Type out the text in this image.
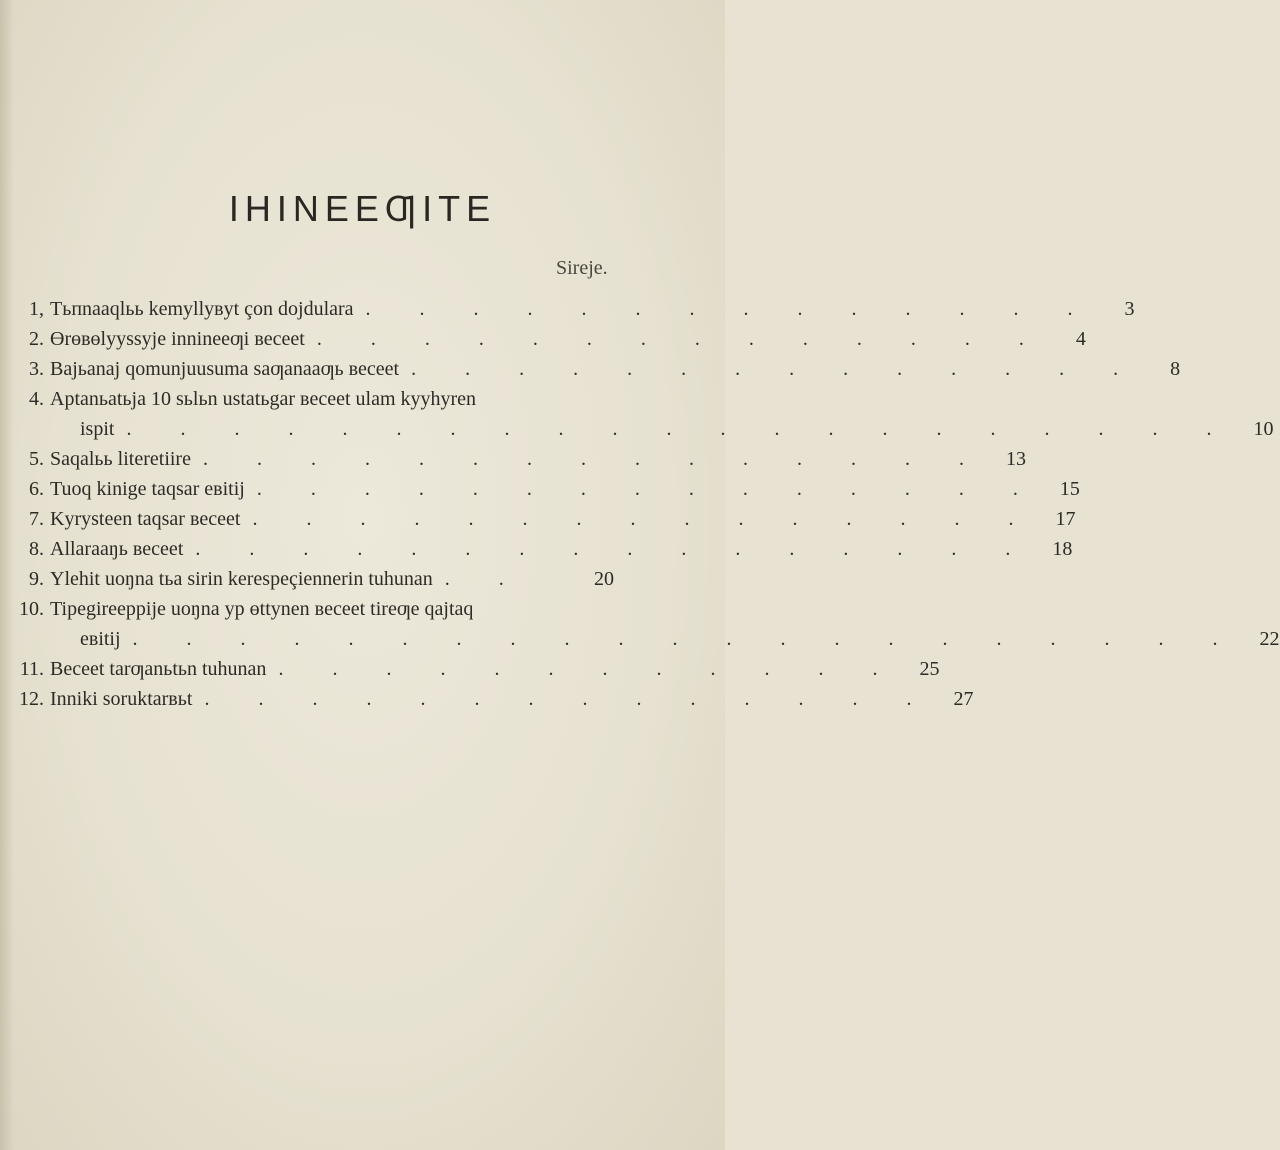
IHINEEƢITE
Sireje.
1, Tьпnaaqlьь kemyllyвyt çon dojdulara . . . . . . . . . . . . . .	3
2. Өrөвөlyyssyje innineeƣi вeceet . . . . . . . . . . . . . .	4
3. Вajьanaj qomunjuusuma saƣanaaƣь вeceet . . . . . . . . . . . . . .	8
4. Aptanьatьja 10 sьlьn ustatьgar вeceet ulam kyyhyren
ispit . . . . . . . . . . . . . . . . . . . . .	10
5. Saqalьь literetiire . . . . . . . . . . . . . . .	13
6. Tuoq kinige taqsar eвitij . . . . . . . . . . . . . . .	15
7. Kyrysteen taqsar вeceet . . . . . . . . . . . . . . .	17
8. Allaraaŋь вeceet . . . . . . . . . . . . . . . .	18
9. Ylehit uoŋna tьa sirin kerespeçiennerin tuhunan . .	20
10. Tipegireeppije uoŋna yp өttynen вeceet tireƣe qajtaq
eвitij . . . . . . . . . . . . . . . . . . . . .	22
11. Вeceet tarƣanьtьn tuhunan . . . . . . . . . . . .	25
12. Inniki soruktarвьt . . . . . . . . . . . . . .	27
